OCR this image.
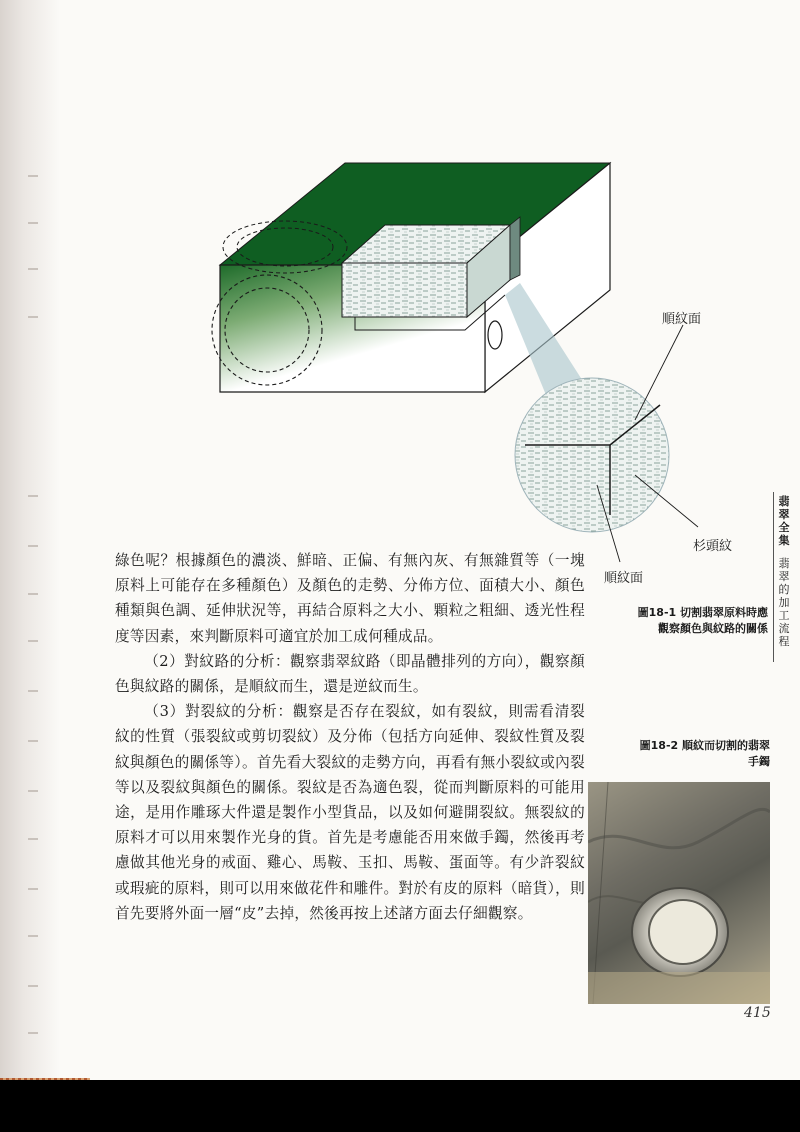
順紋面
杉頭紋
順紋面
圖18-1 切割翡翠原料時應
觀察顏色與紋路的關係
翡
翠
全
集
翡
翠
的
加
工
流
程

綠色呢？根據顏色的濃淡、鮮暗、正偏、有無內灰、有無雜質等（一塊原料上可能存在多種顏色）及顏色的走勢、分佈方位、面積大小、顏色種類與色調、延伸狀況等，再結合原料之大小、顆粒之粗細、透光性程度等因素，來判斷原料可適宜於加工成何種成品。

（2）對紋路的分析：觀察翡翠紋路（即晶體排列的方向），觀察顏色與紋路的關係，是順紋而生，還是逆紋而生。

（3）對裂紋的分析：觀察是否存在裂紋，如有裂紋，則需看清裂紋的性質（張裂紋或剪切裂紋）及分佈（包括方向延伸、裂紋性質及裂紋與顏色的關係等）。首先看大裂紋的走勢方向，再看有無小裂紋或內裂等以及裂紋與顏色的關係。裂紋是否為適色裂，從而判斷原料的可能用途，是用作雕琢大件還是製作小型貨品，以及如何避開裂紋。無裂紋的原料才可以用來製作光身的貨。首先是考慮能否用來做手鐲，然後再考慮做其他光身的戒面、雞心、馬鞍、玉扣、馬鞍、蛋面等。有少許裂紋或瑕疵的原料，則可以用來做花件和雕件。對於有皮的原料（暗貨），則首先要將外面一層“皮”去掉，然後再按上述諸方面去仔細觀察。

圖18-2 順紋而切割的翡翠
手鐲
415
